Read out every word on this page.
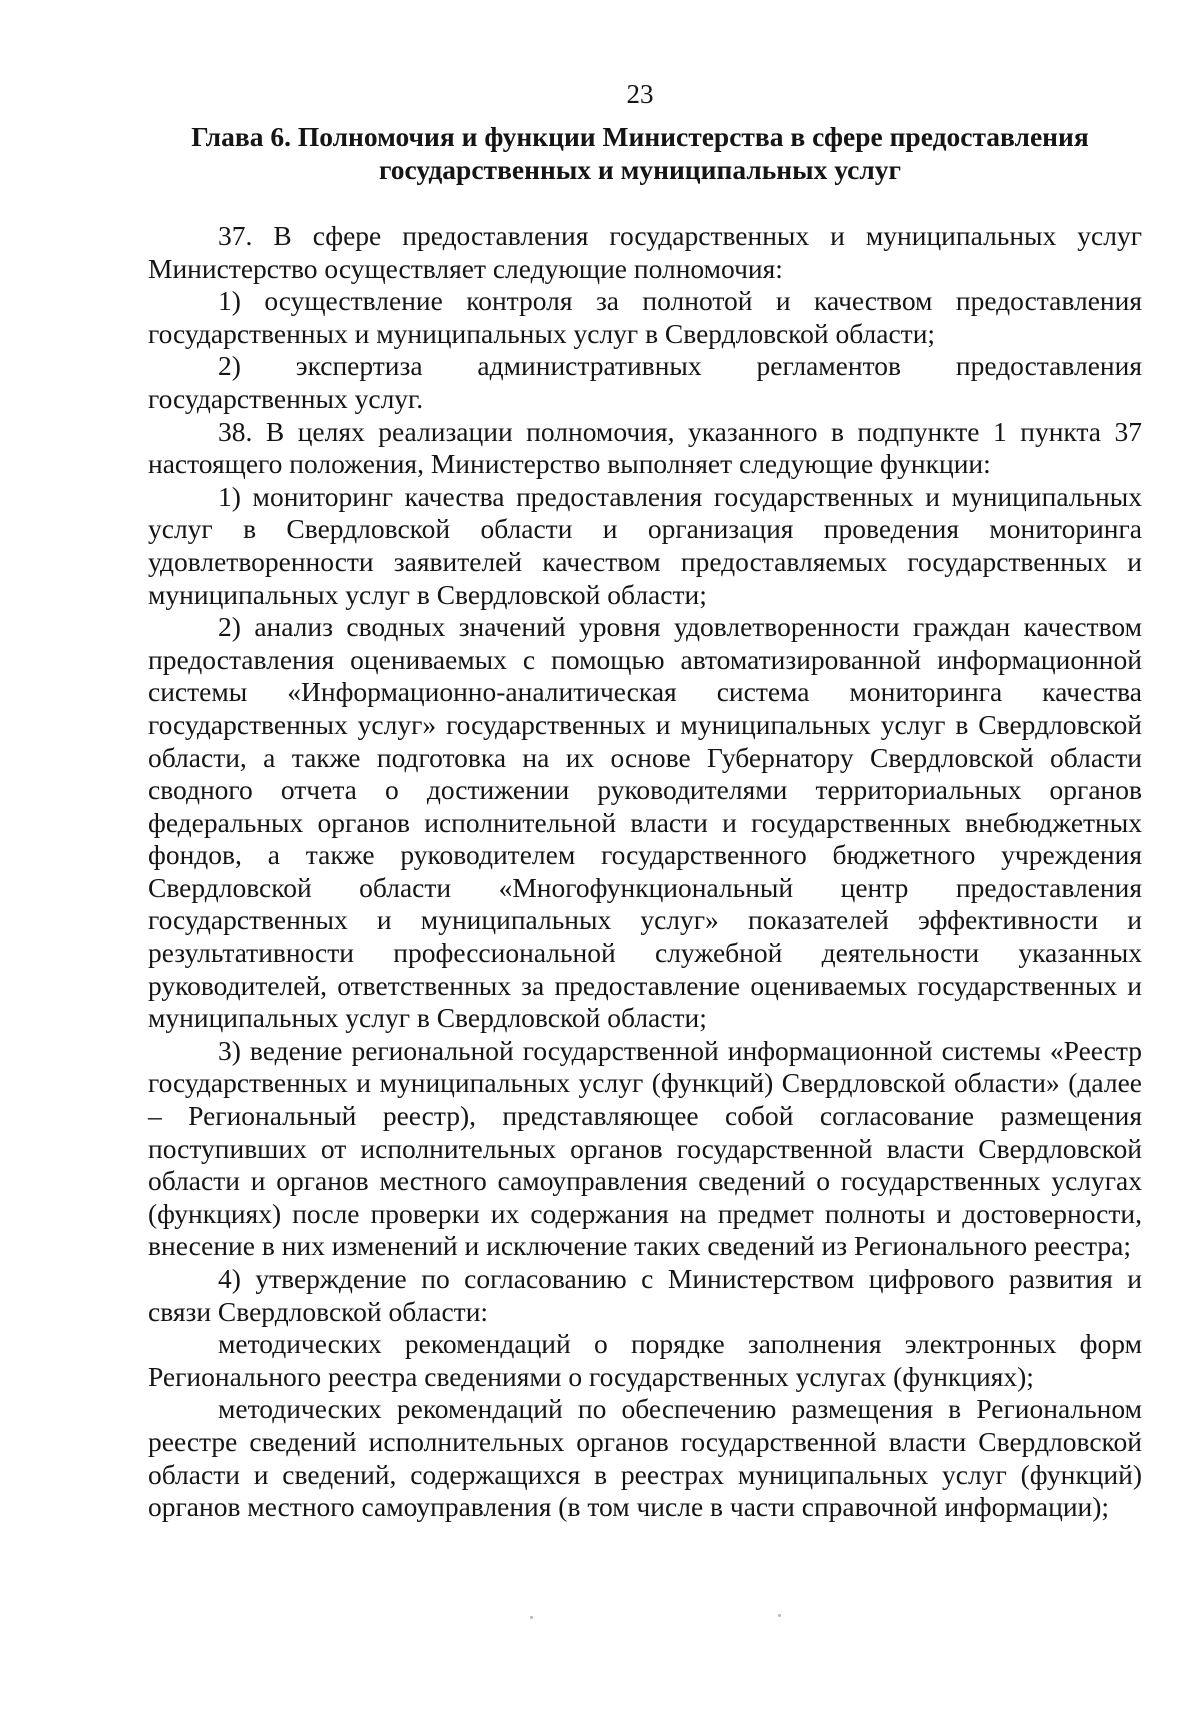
23
Глава 6. Полномочия и функции Министерства в сфере предоставления
государственных и муниципальных услуг

37. В сфере предоставления государственных и муниципальных услуг Министерство осуществляет следующие полномочия:

1) осуществление контроля за полнотой и качеством предоставления государственных и муниципальных услуг в Свердловской области;

2) экспертиза административных регламентов предоставления государственных услуг.

38. В целях реализации полномочия, указанного в подпункте 1 пункта 37 настоящего положения, Министерство выполняет следующие функции:

1) мониторинг качества предоставления государственных и муниципальных услуг в Свердловской области и организация проведения мониторинга удовлетворенности заявителей качеством предоставляемых государственных и муниципальных услуг в Свердловской области;

2) анализ сводных значений уровня удовлетворенности граждан качеством предоставления оцениваемых с помощью автоматизированной информационной системы «Информационно-аналитическая система мониторинга качества государственных услуг» государственных и муниципальных услуг в Свердловской области, а также подготовка на их основе Губернатору Свердловской области сводного отчета о достижении руководителями территориальных органов федеральных органов исполнительной власти и государственных внебюджетных фондов, а также руководителем государственного бюджетного учреждения Свердловской области «Многофункциональный центр предоставления государственных и муниципальных услуг» показателей эффективности и результативности профессиональной служебной деятельности указанных руководителей, ответственных за предоставление оцениваемых государственных и муниципальных услуг в Свердловской области;

3) ведение региональной государственной информационной системы «Реестр государственных и муниципальных услуг (функций) Свердловской области» (далее – Региональный реестр), представляющее собой согласование размещения поступивших от исполнительных органов государственной власти Свердловской области и органов местного самоуправления сведений о государственных услугах (функциях) после проверки их содержания на предмет полноты и достоверности, внесение в них изменений и исключение таких сведений из Регионального реестра;

4) утверждение по согласованию с Министерством цифрового развития и связи Свердловской области:

методических рекомендаций о порядке заполнения электронных форм Регионального реестра сведениями о государственных услугах (функциях);

методических рекомендаций по обеспечению размещения в Региональном реестре сведений исполнительных органов государственной власти Свердловской области и сведений, содержащихся в реестрах муниципальных услуг (функций) органов местного самоуправления (в том числе в части справочной информации);
